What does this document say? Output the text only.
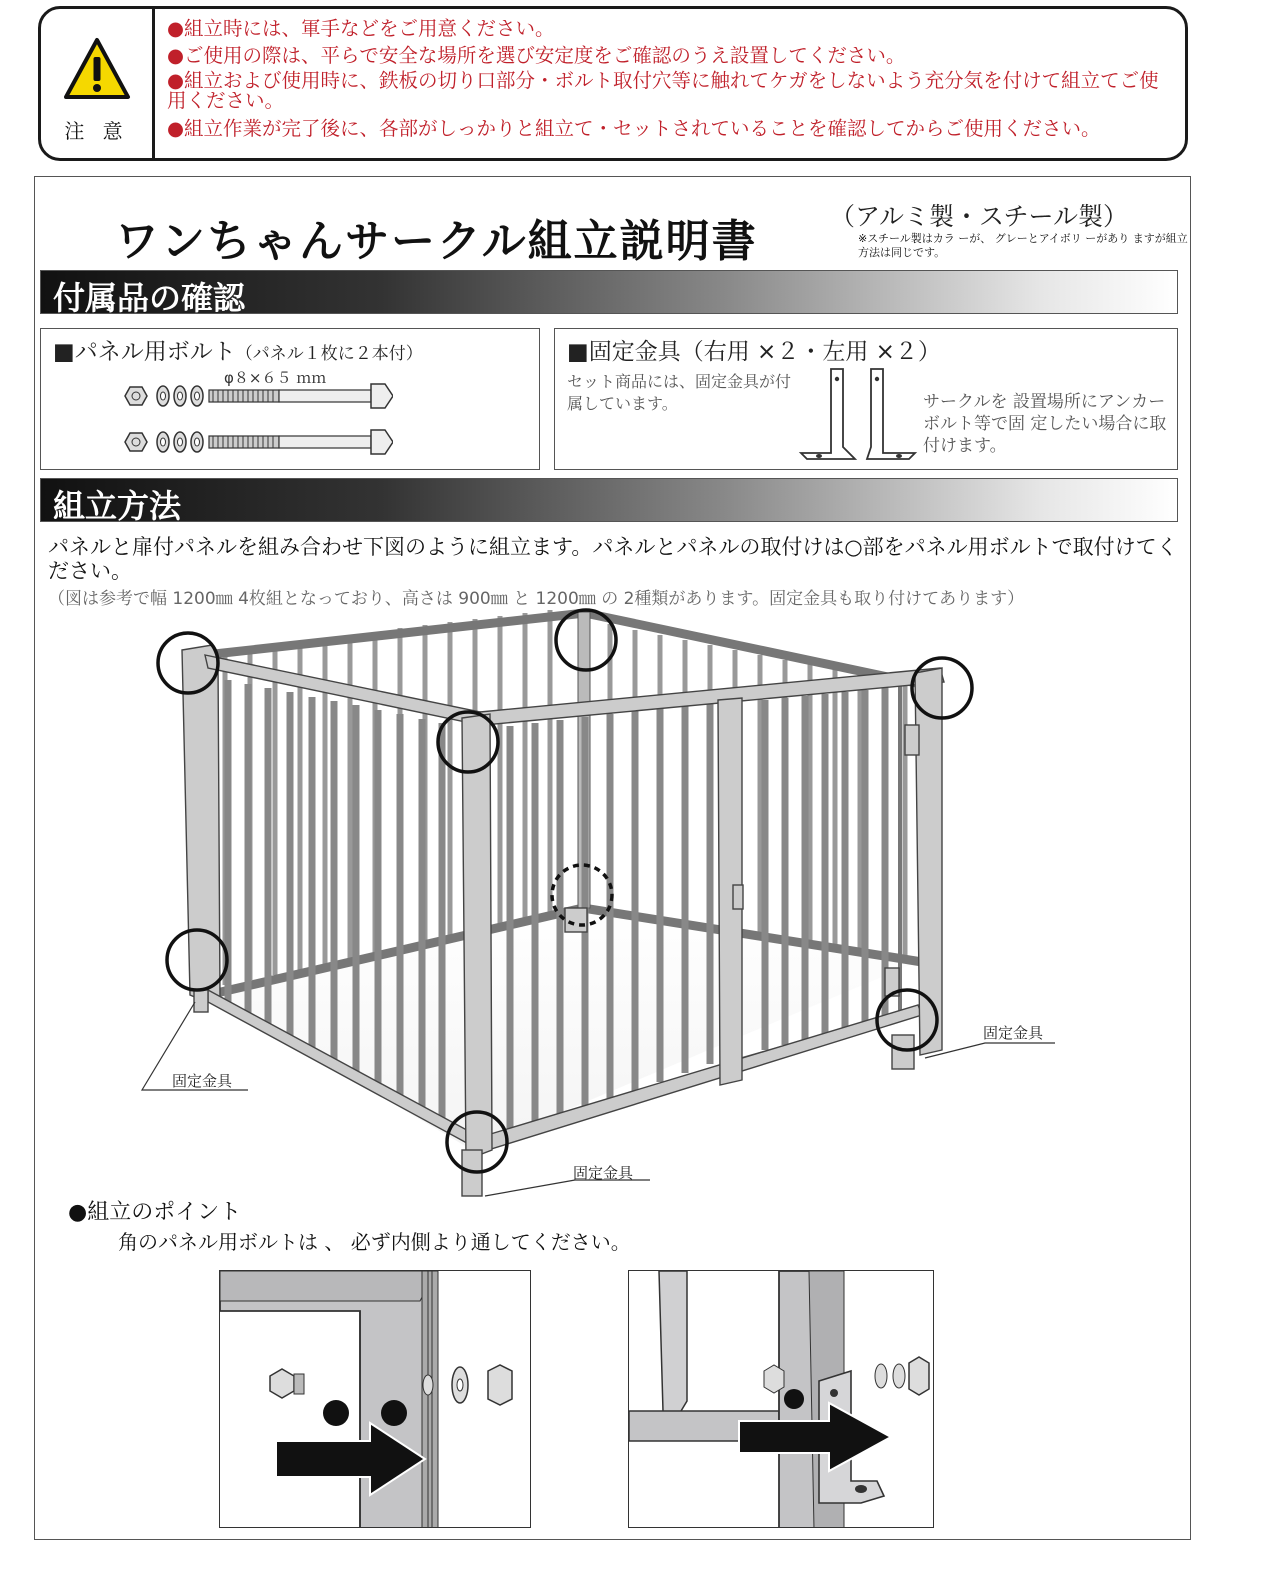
注 意
●組立時には、軍手などをご用意ください。
●ご使用の際は、平らで安全な場所を選び安定度をご確認のうえ設置してください。
●組立および使用時に、鉄板の切り口部分・ボルト取付穴等に触れてケガをしないよう充分気を付けて組立てご使用ください。
●組立作業が完了後に、各部がしっかりと組立て・セットされていることを確認してからご使用ください。
ワンちゃんサークル組立説明書	（アルミ製・スチール製）
※スチール製はカラ ーが、 グレーとアイボリ ーがあり ますが組立方法は同じです。
付属品の確認
■パネル用ボルト（パネル１枚に２本付）
φ８×６５ ｍｍ
■固定金具（右用 ×２・左用 ×２）
セット商品には、固定金具が付属しています。	サークルを 設置場所にアンカーボルト等で固 定したい場合に取付けます。
組立方法
パネルと扉付パネルを組み合わせ下図のように組立ます。パネルとパネルの取付けは○部をパネル用ボルトで取付けてください。
（図は参考で幅 1200㎜ 4枚組となっており、高さは 900㎜ と 1200㎜ の 2種類があります。固定金具も取り付けてあります）
固定金具
固定金具
固定金具
●組立のポイント
角のパネル用ボルトは 、 必ず内側より通してください。
